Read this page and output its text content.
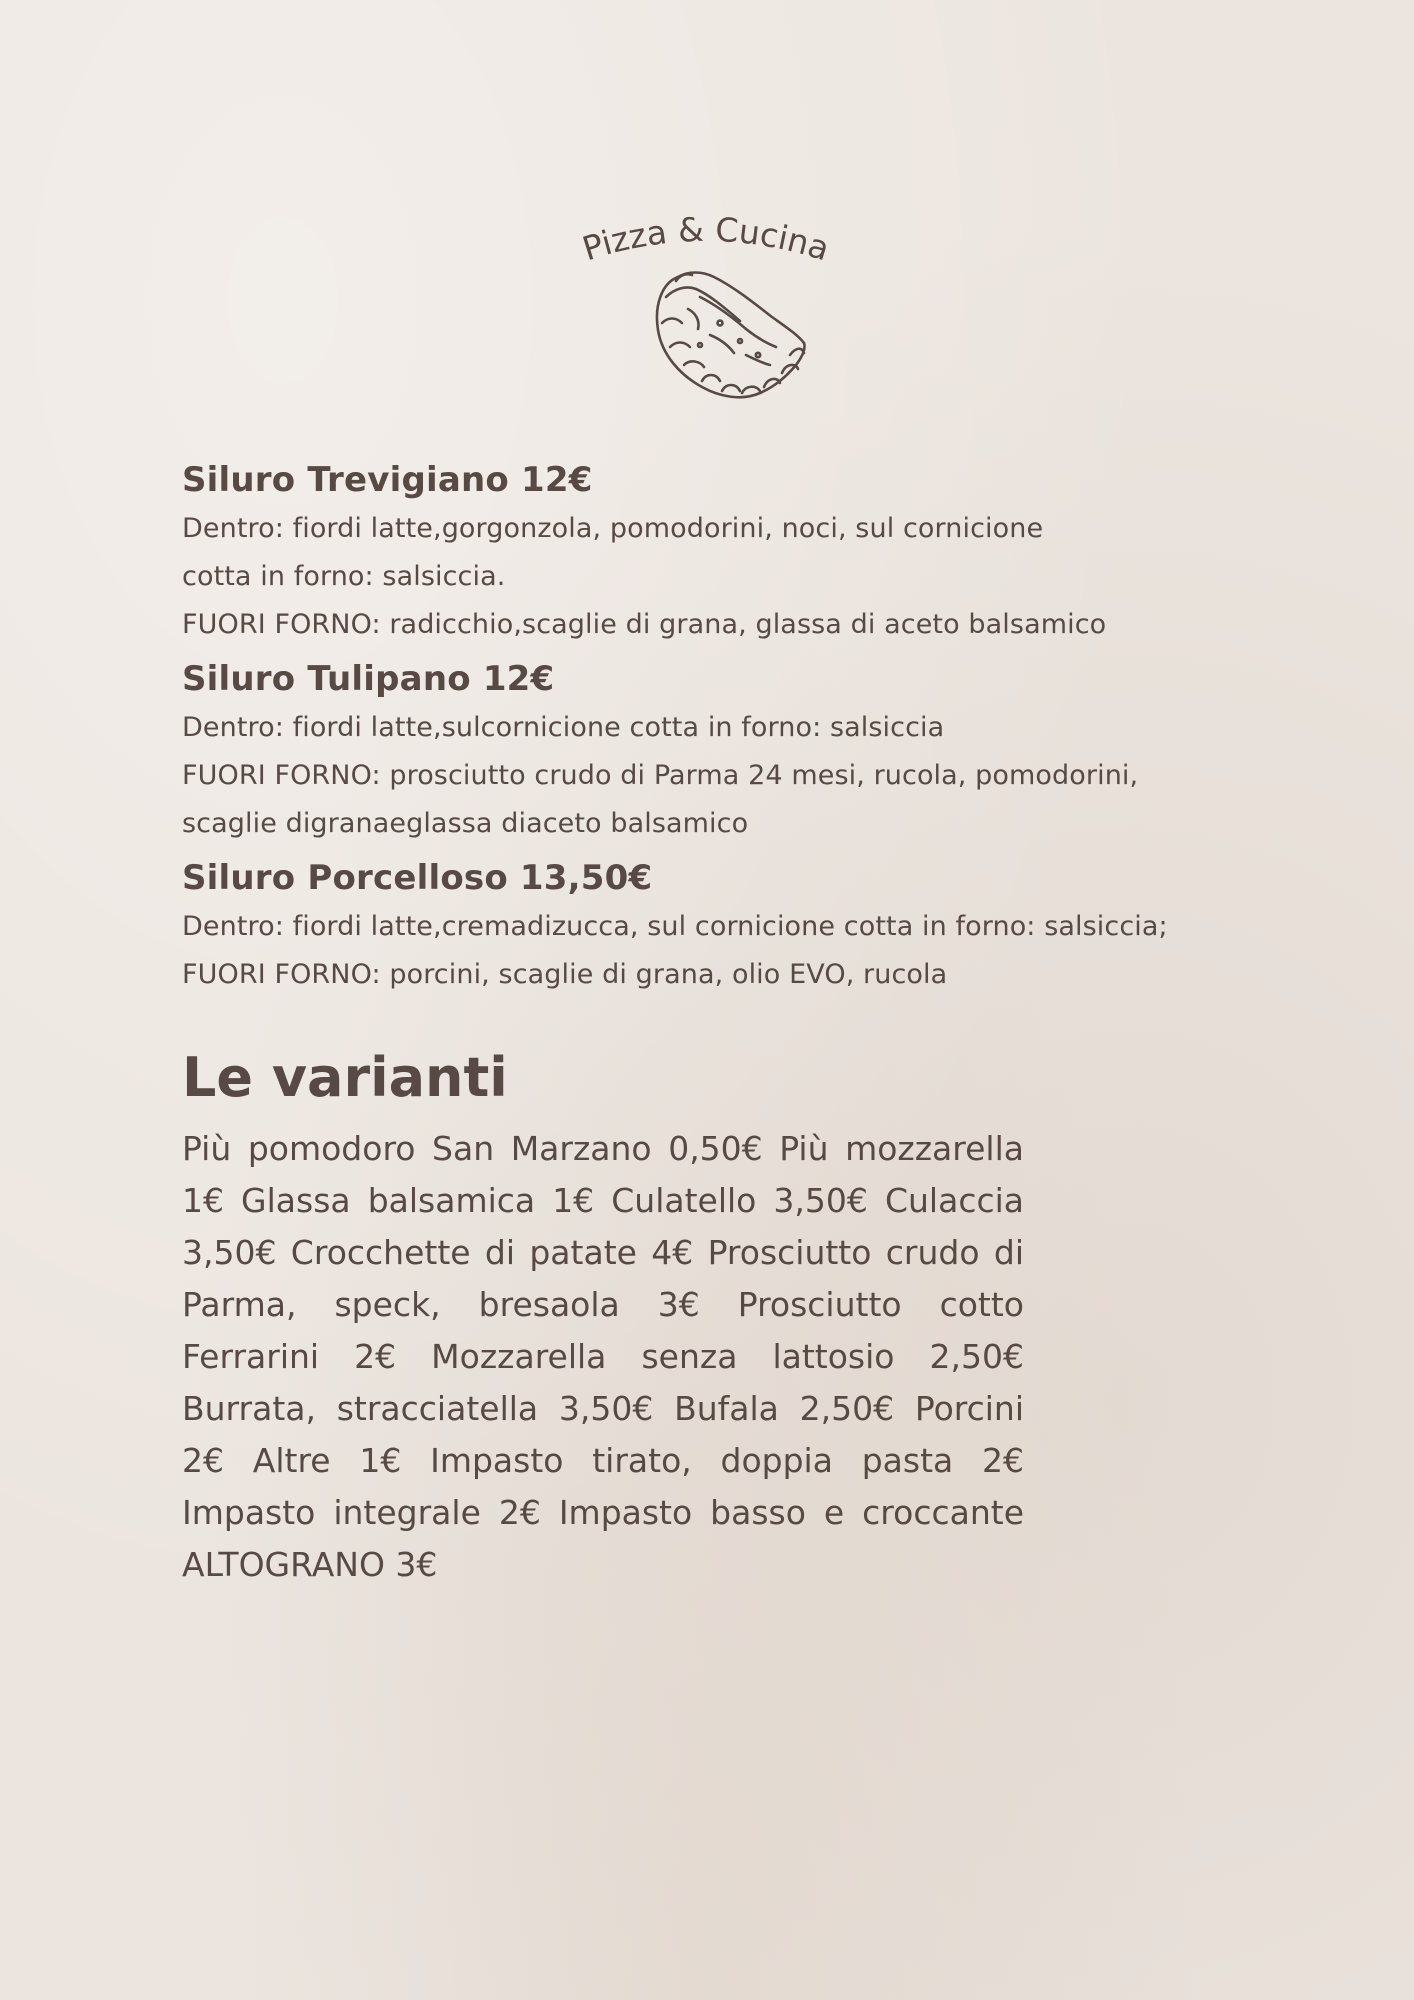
Pizza & Cucina

Siluro Trevigiano 12€

Dentro: fiordi latte,gorgonzola, pomodorini, noci, sul cornicione

cotta in forno: salsiccia.

FUORI FORNO: radicchio,scaglie di grana, glassa di aceto balsamico

Siluro Tulipano 12€

Dentro: fiordi latte,sulcornicione cotta in forno: salsiccia

FUORI FORNO: prosciutto crudo di Parma 24 mesi, rucola, pomodorini,

scaglie digranaeglassa diaceto balsamico

Siluro Porcelloso 13,50€

Dentro: fiordi latte,cremadizucca, sul cornicione cotta in forno: salsiccia;

FUORI FORNO: porcini, scaglie di grana, olio EVO, rucola

Le varianti

Più pomodoro San Marzano 0,50€ Più mozzarella 1€ Glassa balsamica 1€ Culatello 3,50€ Culaccia 3,50€ Crocchette di patate 4€ Prosciutto crudo di Parma, speck, bresaola 3€ Prosciutto cotto Ferrarini 2€ Mozzarella senza lattosio 2,50€ Burrata, stracciatella 3,50€ Bufala 2,50€ Porcini 2€ Altre 1€ Impasto tirato, doppia pasta 2€ Impasto integrale 2€ Impasto basso e croccante ALTOGRANO 3€
